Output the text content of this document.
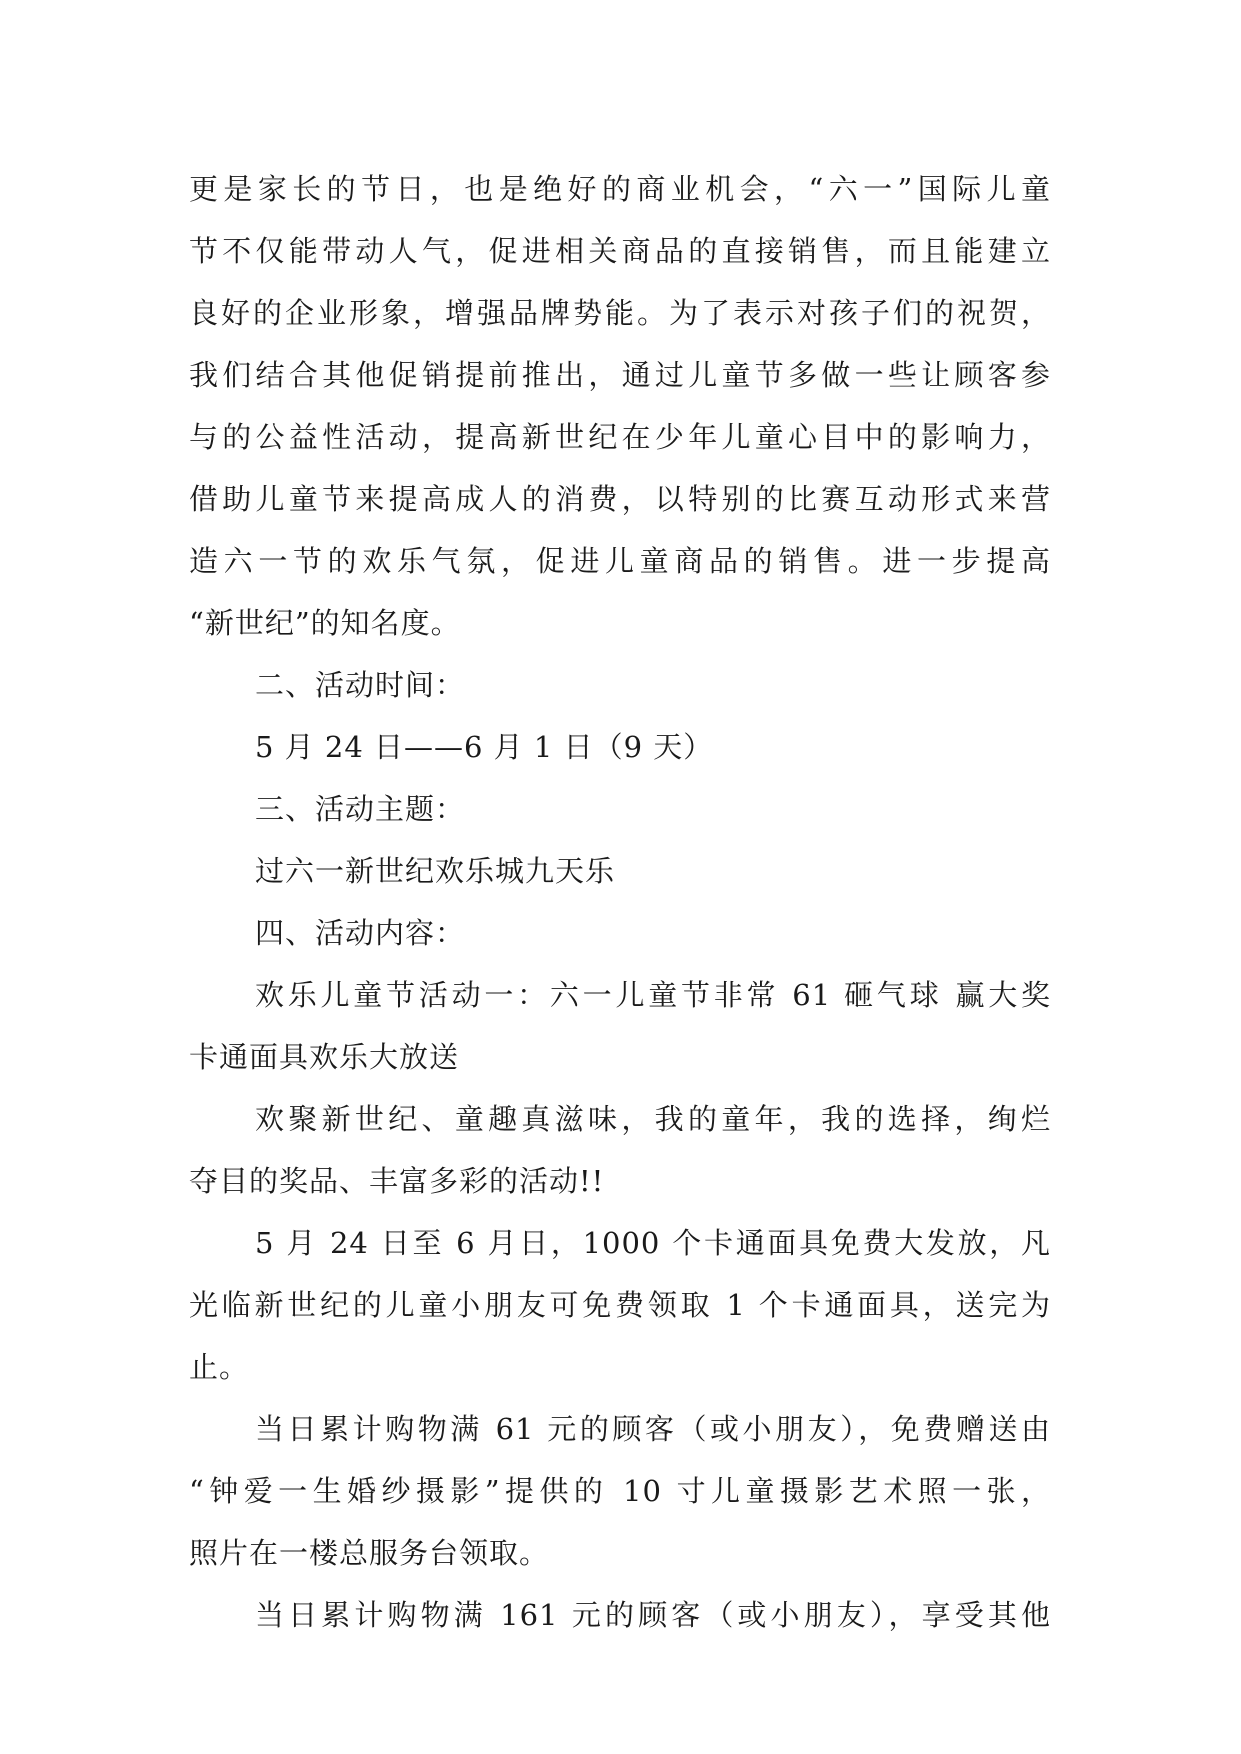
更是家长的节日，也是绝好的商业机会，“六一”国际儿童
节不仅能带动人气，促进相关商品的直接销售，而且能建立
良好的企业形象，增强品牌势能。为了表示对孩子们的祝贺，
我们结合其他促销提前推出，通过儿童节多做一些让顾客参
与的公益性活动，提高新世纪在少年儿童心目中的影响力，
借助儿童节来提高成人的消费，以特别的比赛互动形式来营
造六一节的欢乐气氛，促进儿童商品的销售。进一步提高
“新世纪”的知名度。
二、活动时间：
5 月 24 日——6 月 1 日（9 天）
三、活动主题：
过六一新世纪欢乐城九天乐
四、活动内容：
欢乐儿童节活动一：六一儿童节非常 61 砸气球 赢大奖
卡通面具欢乐大放送
欢聚新世纪、童趣真滋味，我的童年，我的选择，绚烂
夺目的奖品、丰富多彩的活动!!
5 月 24 日至 6 月日，1000 个卡通面具免费大发放，凡
光临新世纪的儿童小朋友可免费领取 1 个卡通面具，送完为
止。
当日累计购物满 61 元的顾客（或小朋友），免费赠送由
“钟爱一生婚纱摄影”提供的 10 寸儿童摄影艺术照一张，
照片在一楼总服务台领取。
当日累计购物满 161 元的顾客（或小朋友），享受其他
